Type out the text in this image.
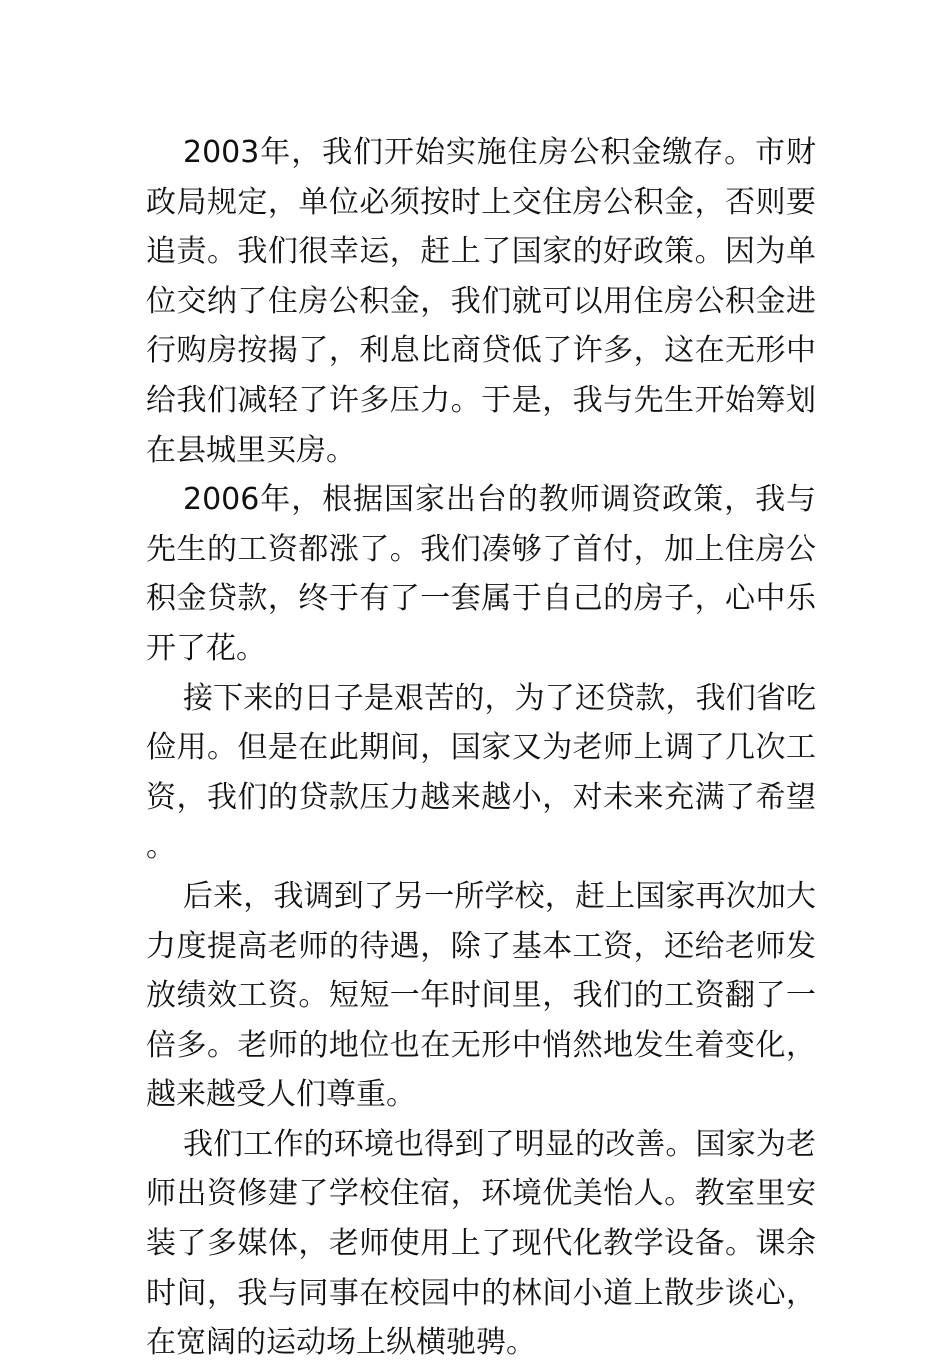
2003年，我们开始实施住房公积金缴存。市财政局规定，单位必须按时上交住房公积金，否则要追责。我们很幸运，赶上了国家的好政策。因为单位交纳了住房公积金，我们就可以用住房公积金进行购房按揭了，利息比商贷低了许多，这在无形中给我们减轻了许多压力。于是，我与先生开始筹划在县城里买房。

2006年，根据国家出台的教师调资政策，我与先生的工资都涨了。我们凑够了首付，加上住房公积金贷款，终于有了一套属于自己的房子，心中乐开了花。

接下来的日子是艰苦的，为了还贷款，我们省吃俭用。但是在此期间，国家又为老师上调了几次工资，我们的贷款压力越来越小，对未来充满了希望。

后来，我调到了另一所学校，赶上国家再次加大力度提高老师的待遇，除了基本工资，还给老师发放绩效工资。短短一年时间里，我们的工资翻了一倍多。老师的地位也在无形中悄然地发生着变化，越来越受人们尊重。

我们工作的环境也得到了明显的改善。国家为老师出资修建了学校住宿，环境优美怡人。教室里安装了多媒体，老师使用上了现代化教学设备。课余时间，我与同事在校园中的林间小道上散步谈心，在宽阔的运动场上纵横驰骋。
